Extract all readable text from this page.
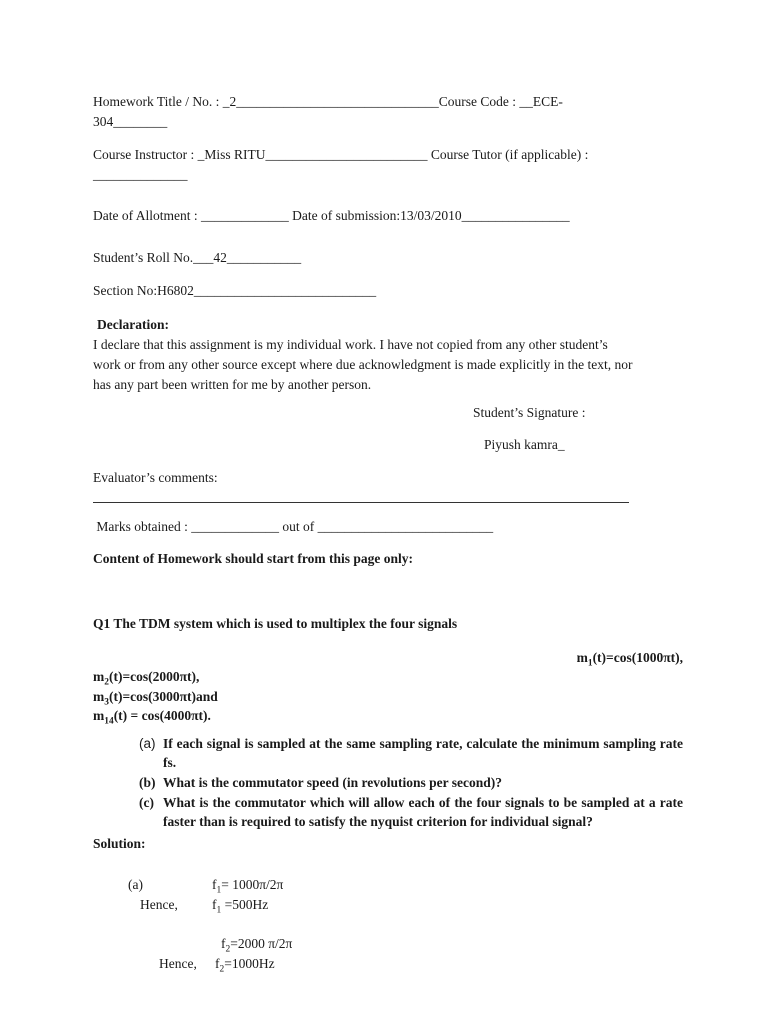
Homework Title / No. : _2______________________________Course Code : __ECE-

304________

Course Instructor : _Miss RITU________________________ Course Tutor (if applicable) :

______________

Date of Allotment : _____________ Date of submission:13/03/2010________________

Student’s Roll No.___42___________

Section No:H6802___________________________

Declaration:

I declare that this assignment is my individual work. I have not copied from any other student’s work or from any other source except where due acknowledgment is made explicitly in the text, nor has any part been written for me by another person.

Student’s Signature :

Piyush kamra_

Evaluator’s comments:

Marks obtained : _____________ out of __________________________

Content of Homework should start from this page only:

Q1 The TDM system which is used to multiplex the four signals

$m_1(t)=\cos(1000\pi t)$,

$m_2(t)=\cos(2000\pi t)$,

$m_3(t)=\cos(3000\pi t)and$

$m_{14}(t) = \cos(4000\pi t)$.

(a) If each signal is sampled at the same sampling rate, calculate the minimum sampling rate fs.
(b) What is the commutator speed (in revolutions per second)?
(c) What is the commutator which will allow each of the four signals to be sampled at a rate faster than is required to satisfy the nyquist criterion for individual signal?

Solution:

(a)	$f_1= 1000\pi/2\pi$
Hence,	$f_1 =500Hz$
$f_2=2000$ π/2π
Hence,	$f_2=1000Hz$
